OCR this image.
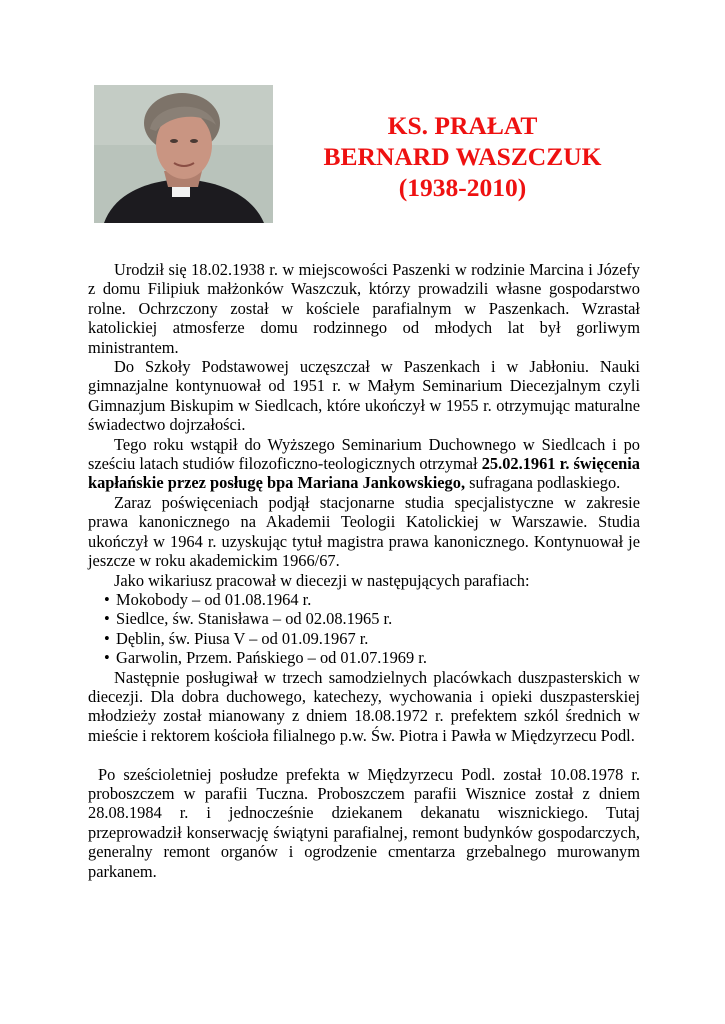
KS. PRAŁAT
BERNARD WASZCZUK
(1938-2010)

Urodził się 18.02.1938 r. w miejscowości Paszenki w rodzinie Marcina i Józefy z domu Filipiuk małżonków Waszczuk, którzy prowadzili własne gospodarstwo rolne. Ochrzczony został w kościele parafialnym w Paszenkach. Wzrastał katolickiej atmosferze domu rodzinnego od młodych lat był gorliwym ministrantem.

Do Szkoły Podstawowej uczęszczał w Paszenkach i w Jabłoniu. Nauki gimnazjalne kontynuował od 1951 r. w Małym Seminarium Diecezjalnym czyli Gimnazjum Biskupim w Siedlcach, które ukończył w 1955 r. otrzymując maturalne świadectwo dojrzałości.

Tego roku wstąpił do Wyższego Seminarium Duchownego w Siedlcach i po sześciu latach studiów filozoficzno-teologicznych otrzymał 25.02.1961 r. święcenia kapłańskie przez posługę bpa Mariana Jankowskiego, sufragana podlaskiego.

Zaraz poświęceniach podjął stacjonarne studia specjalistyczne w zakresie prawa kanonicznego na Akademii Teologii Katolickiej w Warszawie. Studia ukończył w 1964 r. uzyskując tytuł magistra prawa kanonicznego. Kontynuował je jeszcze w roku akademickim 1966/67.

Jako wikariusz pracował w diecezji w następujących parafiach:

• Mokobody – od 01.08.1964 r.
• Siedlce, św. Stanisława – od 02.08.1965 r.
• Dęblin, św. Piusa V – od 01.09.1967 r.
• Garwolin, Przem. Pańskiego – od 01.07.1969 r.

Następnie posługiwał w trzech samodzielnych placówkach duszpasterskich w diecezji. Dla dobra duchowego, katechezy, wychowania i opieki duszpasterskiej młodzieży został mianowany z dniem 18.08.1972 r. prefektem szkól średnich w mieście i rektorem kościoła filialnego p.w. Św. Piotra i Pawła w Międzyrzecu Podl.

Po sześcioletniej posłudze prefekta w Międzyrzecu Podl. został 10.08.1978 r. proboszczem w parafii Tuczna. Proboszczem parafii Wisznice został z dniem 28.08.1984 r. i jednocześnie dziekanem dekanatu wisznickiego. Tutaj przeprowadził konserwację świątyni parafialnej, remont budynków gospodarczych, generalny remont organów i ogrodzenie cmentarza grzebalnego murowanym parkanem.
